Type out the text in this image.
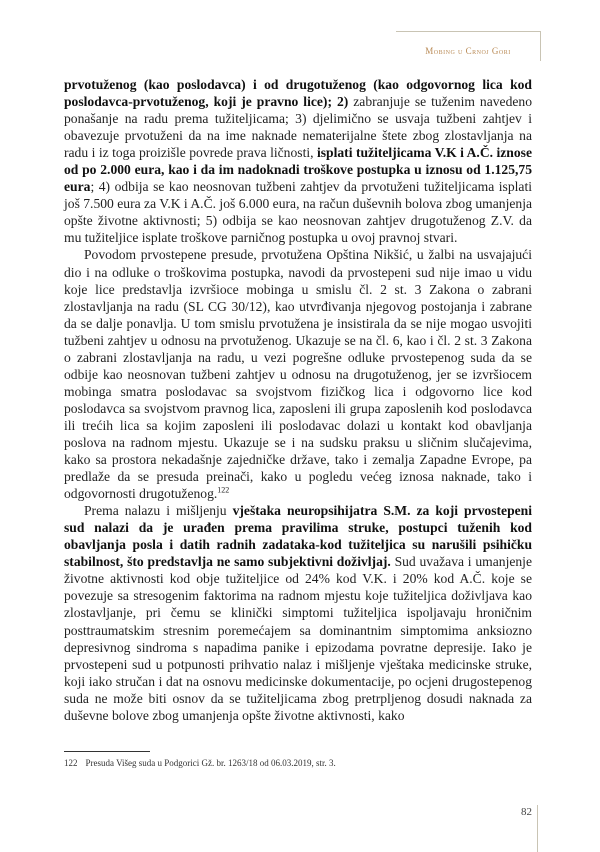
Mobing u Crnoj Gori

prvotuženog (kao poslodavca) i od drugotuženog (kao odgovornog lica kod poslodavca-prvotuženog, koji je pravno lice); 2) zabranjuje se tuženim navedeno ponašanje na radu prema tužiteljicama; 3) djelimično se usvaja tužbeni zahtjev i obavezuje prvotuženi da na ime naknade nematerijalne štete zbog zlostavljanja na radu i iz toga proizišle povrede prava ličnosti, isplati tužiteljicama V.K i A.Č. iznose od po 2.000 eura, kao i da im nadoknadi troškove postupka u iznosu od 1.125,75 eura; 4) odbija se kao neosnovan tužbeni zahtjev da prvotuženi tužiteljicama isplati još 7.500 eura za V.K i A.Č. još 6.000 eura, na račun duševnih bolova zbog umanjenja opšte životne aktivnosti; 5) odbija se kao neosnovan zahtjev drugotuženog Z.V. da mu tužiteljice isplate troškove parničnog postupka u ovoj pravnoj stvari.

Povodom prvostepene presude, prvotužena Opština Nikšić, u žalbi na usvajajući dio i na odluke o troškovima postupka, navodi da prvostepeni sud nije imao u vidu koje lice predstavlja izvršioce mobinga u smislu čl. 2 st. 3 Zakona o zabrani zlostavljanja na radu (SL CG 30/12), kao utvrđivanja njegovog postojanja i zabrane da se dalje ponavlja. U tom smislu prvotužena je insistirala da se nije mogao usvojiti tužbeni zahtjev u odnosu na prvotuženog. Ukazuje se na čl. 6, kao i čl. 2 st. 3 Zakona o zabrani zlostavljanja na radu, u vezi pogrešne odluke prvostepenog suda da se odbije kao neosnovan tužbeni zahtjev u odnosu na drugotuženog, jer se izvršiocem mobinga smatra poslodavac sa svojstvom fizičkog lica i odgovorno lice kod poslodavca sa svojstvom pravnog lica, zaposleni ili grupa zaposlenih kod poslodavca ili trećih lica sa kojim zaposleni ili poslodavac dolazi u kontakt kod obavljanja poslova na radnom mjestu. Ukazuje se i na sudsku praksu u sličnim slučajevima, kako sa prostora nekadašnje zajedničke države, tako i zemalja Zapadne Evrope, pa predlaže da se presuda preinači, kako u pogledu većeg iznosa naknade, tako i odgovornosti drugotuženog.$^{122}$

Prema nalazu i mišljenju vještaka neuropsihijatra S.M. za koji prvostepeni sud nalazi da je urađen prema pravilima struke, postupci tuženih kod obavljanja posla i datih radnih zadataka-kod tužiteljica su narušili psihičku stabilnost, što predstavlja ne samo subjektivni doživljaj. Sud uvažava i umanjenje životne aktivnosti kod obje tužiteljice od 24% kod V.K. i 20% kod A.Č. koje se povezuje sa stresogenim faktorima na radnom mjestu koje tužiteljica doživljava kao zlostavljanje, pri čemu se klinički simptomi tužiteljica ispoljavaju hroničnim posttraumatskim stresnim poremećajem sa dominantnim simptomima anksiozno depresivnog sindroma s napadima panike i epizodama povratne depresije. Iako je prvostepeni sud u potpunosti prihvatio nalaz i mišljenje vještaka medicinske struke, koji iako stručan i dat na osnovu medicinske dokumentacije, po ocjeni drugostepenog suda ne može biti osnov da se tužiteljicama zbog pretrpljenog dosudi naknada za duševne bolove zbog umanjenja opšte životne aktivnosti, kako

122 Presuda Višeg suda u Podgorici Gž. br. 1263/18 od 06.03.2019, str. 3.
82
